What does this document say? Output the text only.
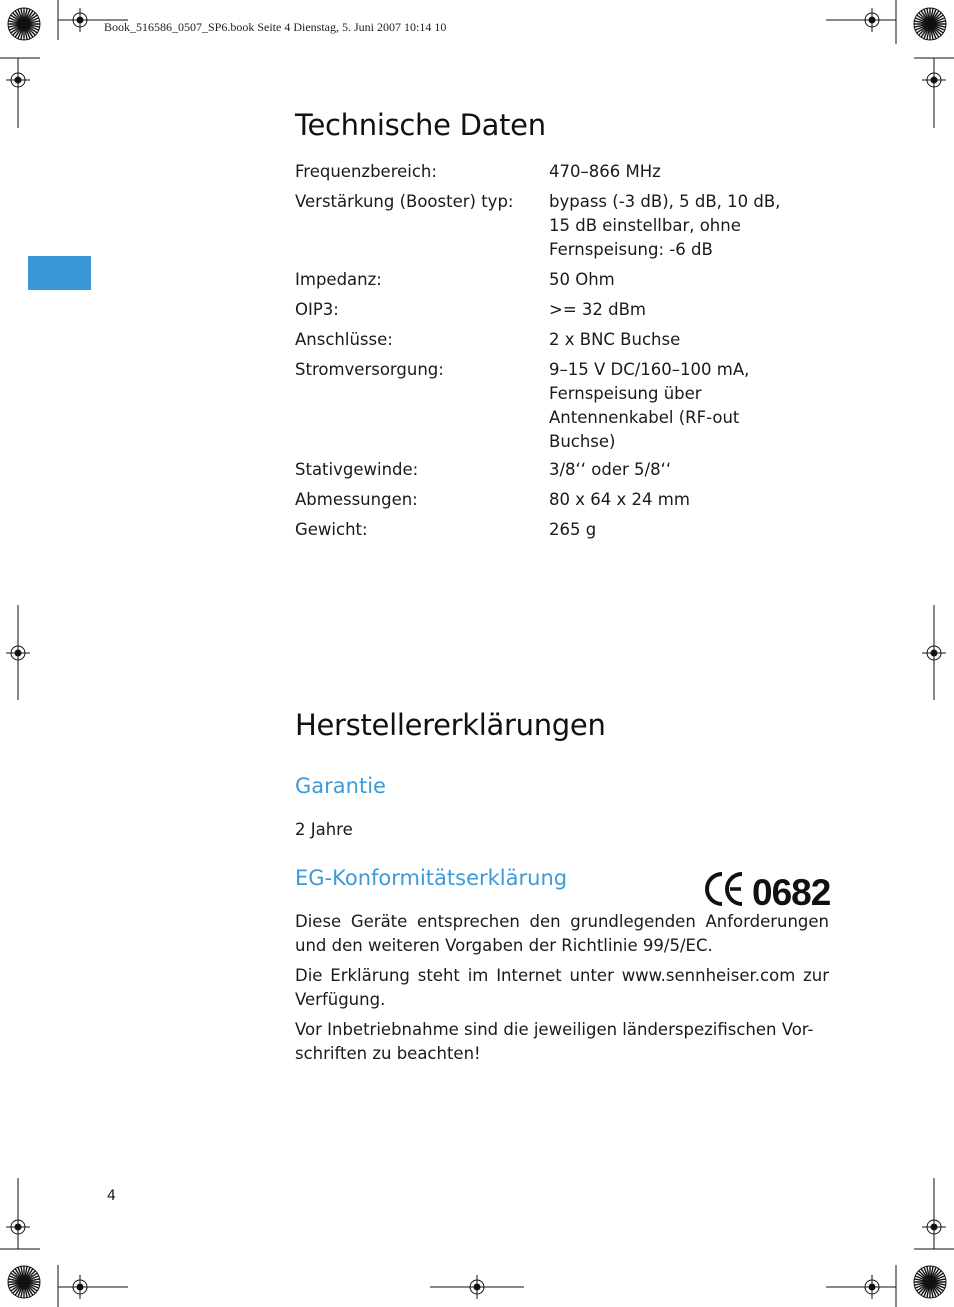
Book_516586_0507_SP6.book Seite 4 Dienstag, 5. Juni 2007 10:14 10
Technische Daten
Frequenzbereich:	470–866 MHz
Verstärkung (Booster) typ: bypass (-3 dB), 5 dB, 10 dB, 15 dB einstellbar, ohne Fernspeisung: -6 dB
Impedanz:	50 Ohm
OIP3:	>= 32 dBm
Anschlüsse:	2 x BNC Buchse
Stromversorgung:	9–15 V DC/160–100 mA, Fernspeisung über Antennenkabel (RF-out Buchse)
Stativgewinde:	3/8‘‘ oder 5/8‘‘
Abmessungen:	80 x 64 x 24 mm
Gewicht:	265 g
Herstellererklärungen
Garantie
2 Jahre
EG-Konformitätserklärung	0682
Diese Geräte entsprechen den grundlegenden Anforderungen und den weiteren Vorgaben der Richtlinie 99/5/EC.
Die Erklärung steht im Internet unter www.sennheiser.com zur Verfügung.
Vor Inbetriebnahme sind die jeweiligen länderspezifischen Vor-schriften zu beachten!
4
